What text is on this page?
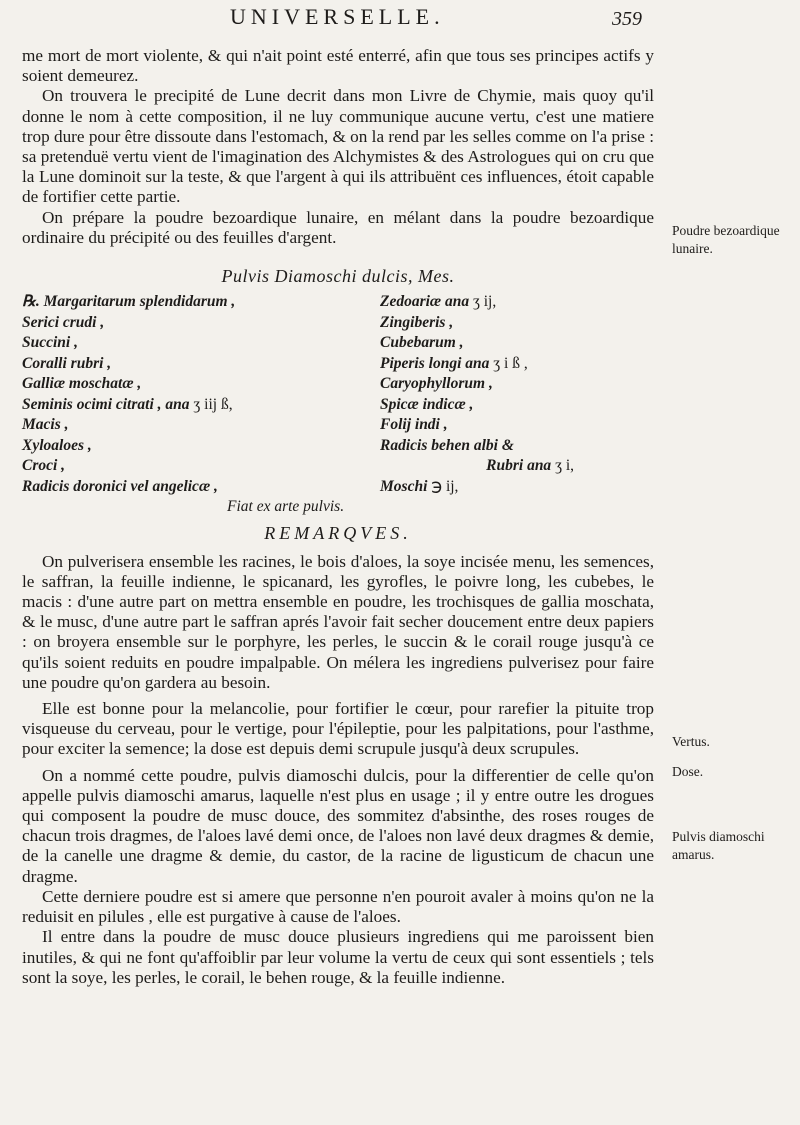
UNIVERSELLE.	359

me mort de mort violente, & qui n'ait point esté enterré, afin que tous ses principes actifs y soient demeurez.

On trouvera le precipité de Lune decrit dans mon Livre de Chymie, mais quoy qu'il donne le nom à cette composition, il ne luy communique aucune vertu, c'est une matiere trop dure pour être dissoute dans l'estomach, & on la rend par les selles comme on l'a prise : sa pretenduë vertu vient de l'imagination des Alchymistes & des Astrologues qui on cru que la Lune dominoit sur la teste, & que l'argent à qui ils attribuënt ces influences, étoit capable de fortifier cette partie.

On prépare la poudre bezoardique lunaire, en mélant dans la poudre bezoardique ordinaire du précipité ou des feuilles d'argent.

Pulvis Diamoschi dulcis, Mes.
℞. Margaritarum splendidarum ,
Serici crudi ,
Succini ,
Coralli rubri ,
Galliæ moschatæ ,
Seminis ocimi citrati , ana ʒ iij ß,
Macis ,
Xyloaloes ,
Croci ,
Radicis doronici vel angelicæ ,
Zedoariæ ana ʒ ij,
Zingiberis ,
Cubebarum ,
Piperis longi ana ʒ i ß ,
Caryophyllorum ,
Spicæ indicæ ,
Folij indi ,
Radicis behen albi &
Rubri ana ʒ i,
Moschi ℈ ij,
Fiat ex arte pulvis.
REMARQVES.

On pulverisera ensemble les racines, le bois d'aloes, la soye incisée menu, les semences, le saffran, la feuille indienne, le spicanard, les gyrofles, le poivre long, les cubebes, le macis : d'une autre part on mettra ensemble en poudre, les trochisques de gallia moschata, & le musc, d'une autre part le saffran aprés l'avoir fait secher doucement entre deux papiers : on broyera ensemble sur le porphyre, les perles, le succin & le corail rouge jusqu'à ce qu'ils soient reduits en poudre impalpable. On mélera les ingrediens pulverisez pour faire une poudre qu'on gardera au besoin.

Elle est bonne pour la melancolie, pour fortifier le cœur, pour rarefier la pituite trop visqueuse du cerveau, pour le vertige, pour l'épileptie, pour les palpitations, pour l'asthme, pour exciter la semence; la dose est depuis demi scrupule jusqu'à deux scrupules.

On a nommé cette poudre, pulvis diamoschi dulcis, pour la differentier de celle qu'on appelle pulvis diamoschi amarus, laquelle n'est plus en usage ; il y entre outre les drogues qui composent la poudre de musc douce, des sommitez d'absinthe, des roses rouges de chacun trois dragmes, de l'aloes lavé demi once, de l'aloes non lavé deux dragmes & demie, de la canelle une dragme & demie, du castor, de la racine de ligusticum de chacun une dragme.

Cette derniere poudre est si amere que personne n'en pouroit avaler à moins qu'on ne la reduisit en pilules , elle est purgative à cause de l'aloes.

Il entre dans la poudre de musc douce plusieurs ingrediens qui me paroissent bien inutiles, & qui ne font qu'affoiblir par leur volume la vertu de ceux qui sont essentiels ; tels sont la soye, les perles, le corail, le behen rouge, & la feuille indienne.

Poudre bezoardique lunaire.
Vertus.
Dose.
Pulvis diamoschi amarus.
